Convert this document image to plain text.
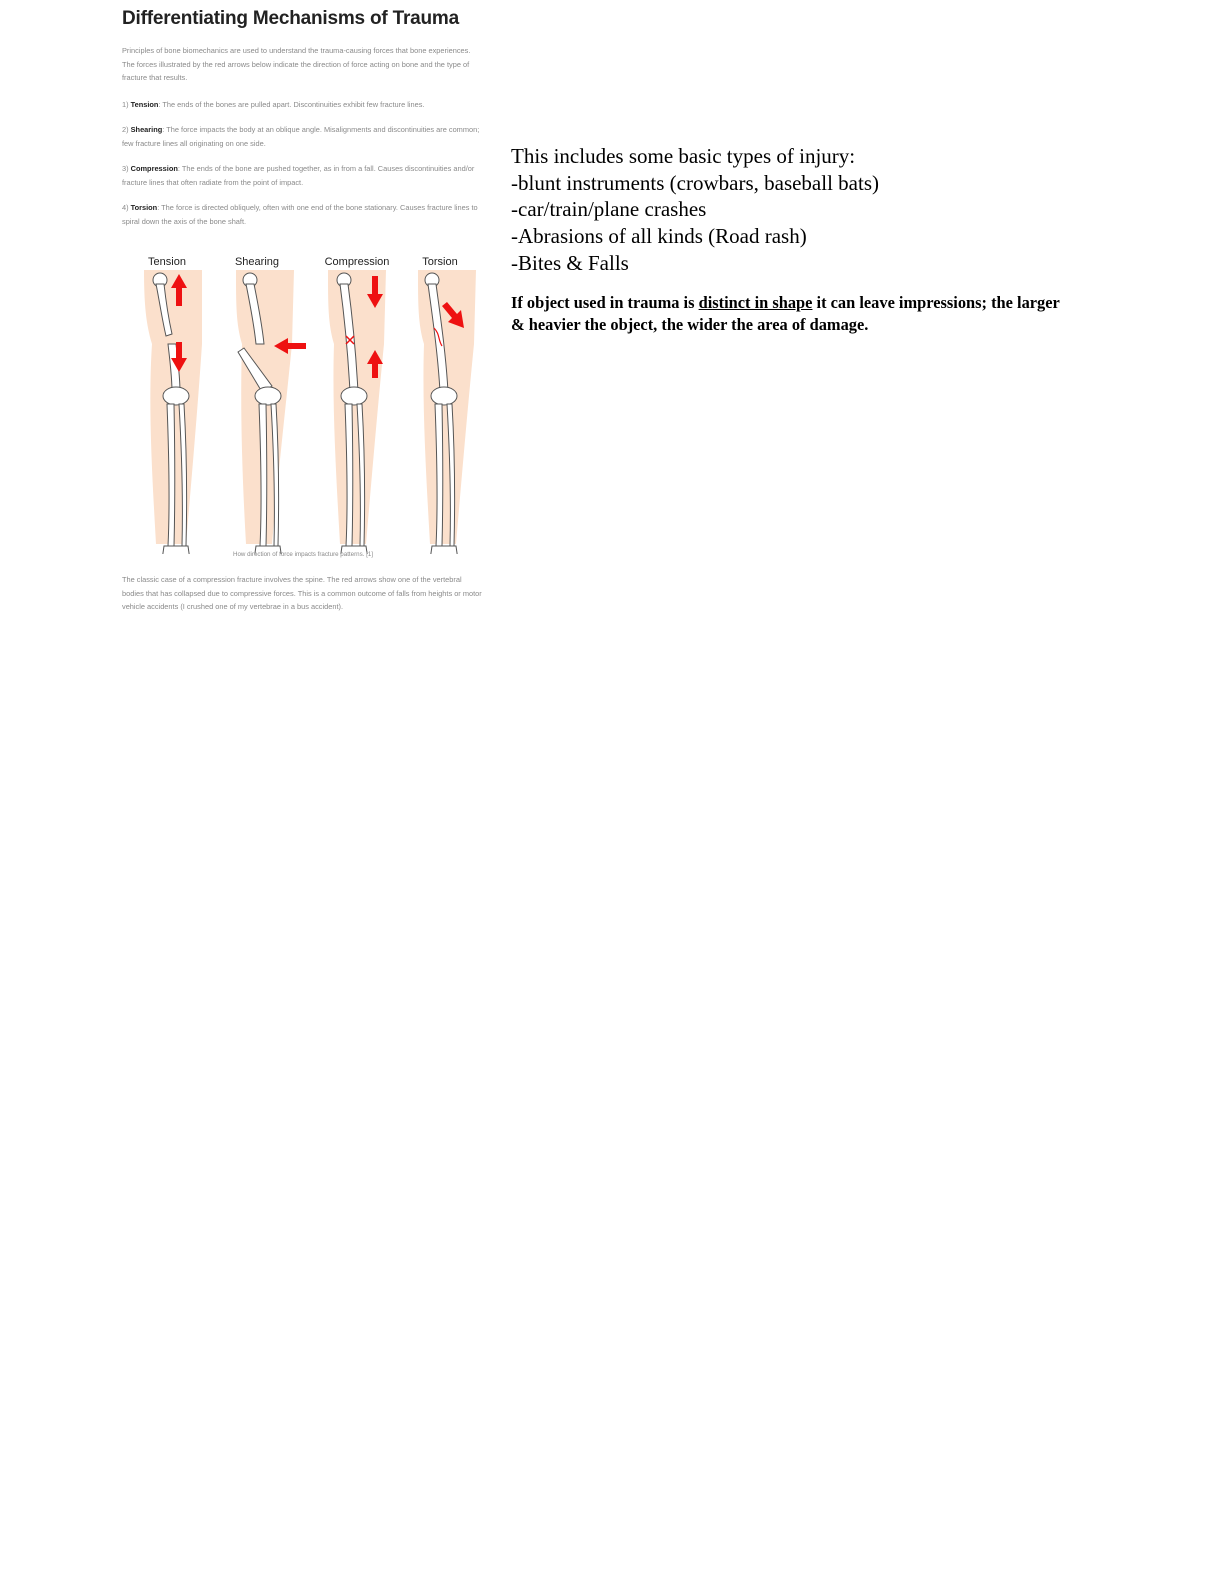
Differentiating Mechanisms of Trauma

Principles of bone biomechanics are used to understand the trauma-causing forces that bone experiences. The forces illustrated by the red arrows below indicate the direction of force acting on bone and the type of fracture that results.

1) Tension: The ends of the bones are pulled apart. Discontinuities exhibit few fracture lines.

2) Shearing: The force impacts the body at an oblique angle. Misalignments and discontinuities are common; few fracture lines all originating on one side.

3) Compression: The ends of the bone are pushed together, as in from a fall. Causes discontinuities and/or fracture lines that often radiate from the point of impact.

4) Torsion: The force is directed obliquely, often with one end of the bone stationary. Causes fracture lines to spiral down the axis of the bone shaft.

Tension	Shearing	Compression	Torsion
How direction of force impacts fracture patterns. [1]

The classic case of a compression fracture involves the spine. The red arrows show one of the vertebral bodies that has collapsed due to compressive forces. This is a common outcome of falls from heights or motor vehicle accidents (I crushed one of my vertebrae in a bus accident).

This includes some basic types of injury:
-blunt instruments (crowbars, baseball bats)
-car/train/plane crashes
-Abrasions of all kinds (Road rash)
-Bites & Falls

If object used in trauma is distinct in shape it can leave impressions; the larger & heavier the object, the wider the area of damage.
